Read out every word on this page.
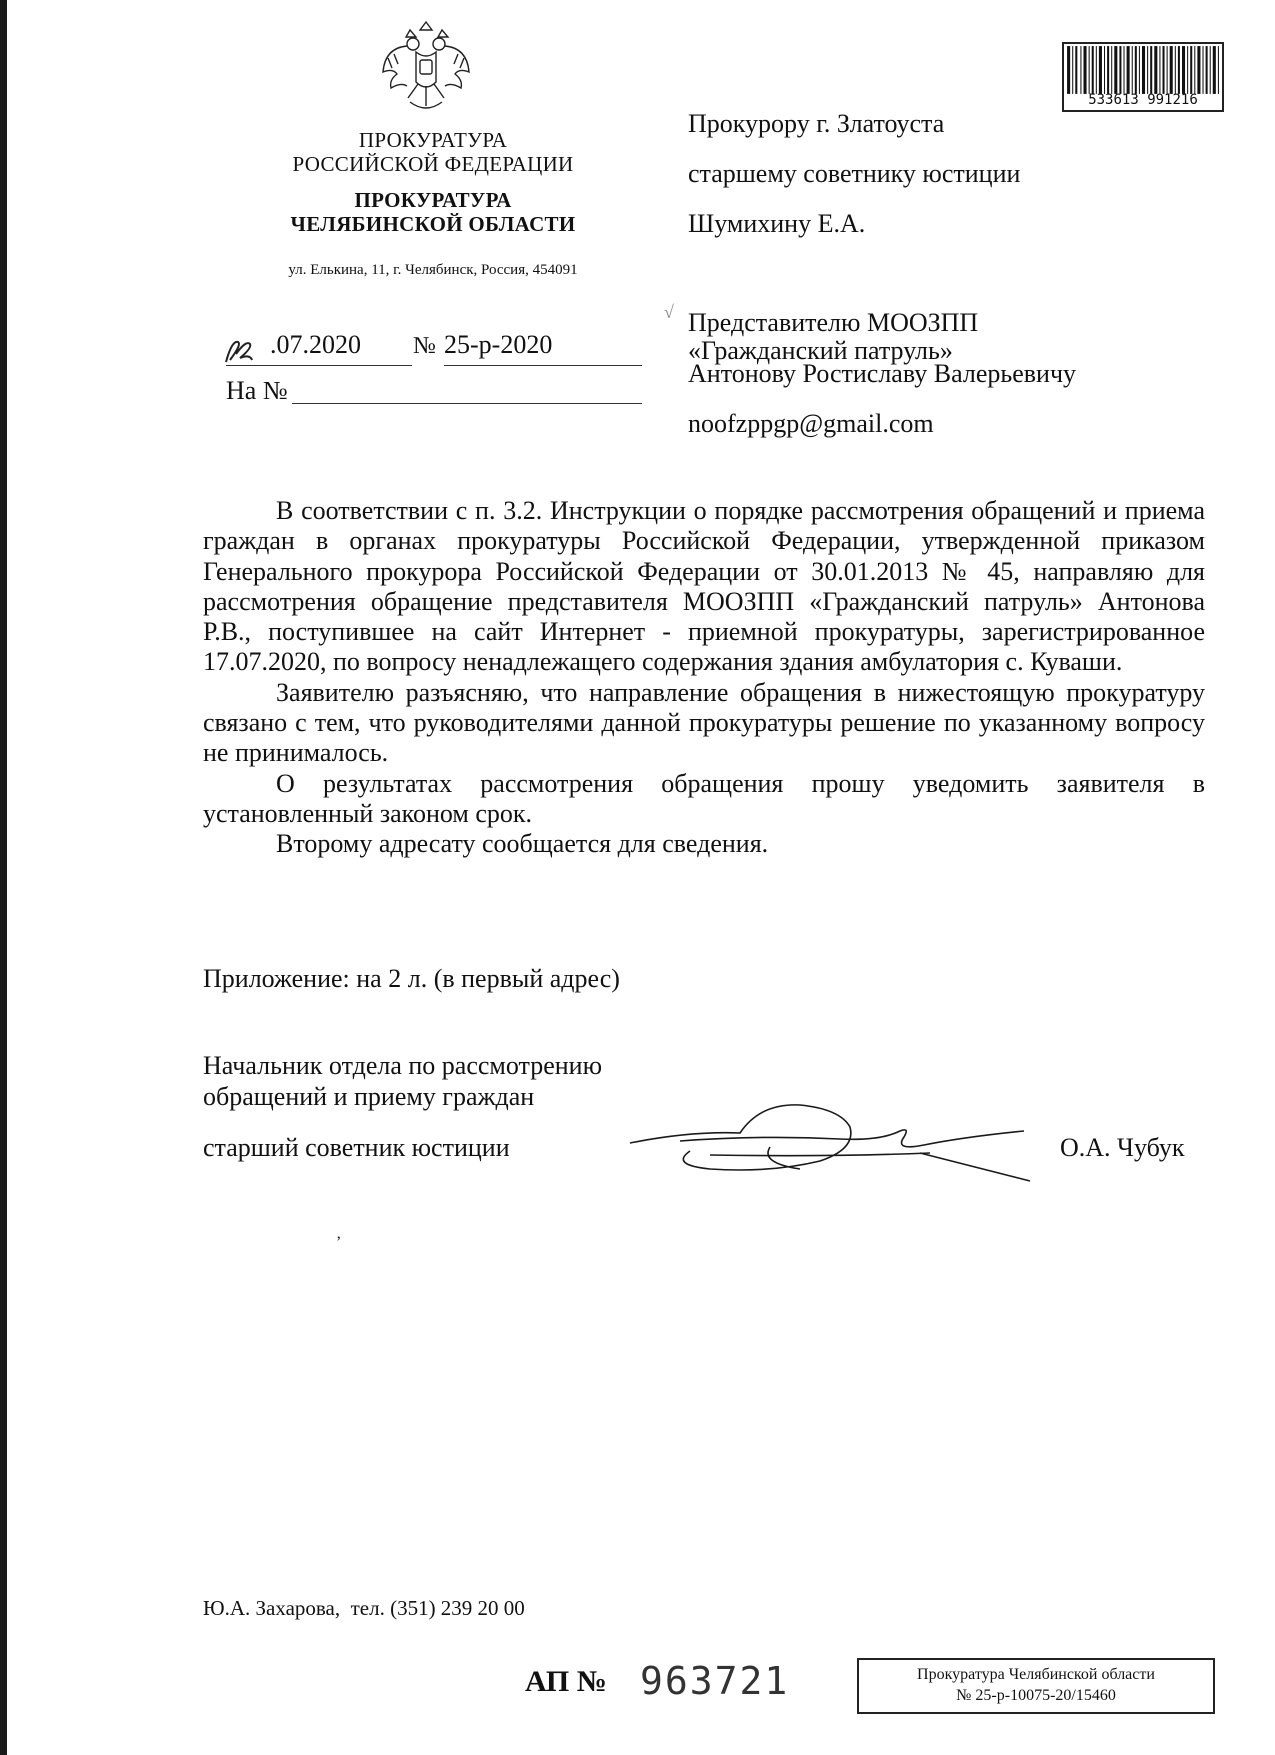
ПРОКУРАТУРА
РОССИЙСКОЙ ФЕДЕРАЦИИ
ПРОКУРАТУРА
ЧЕЛЯБИНСКОЙ ОБЛАСТИ
ул. Елькина, 11, г. Челябинск, Россия, 454091
.07.2020 № 25-р-2020
На №
533613 991216
Прокурору г. Златоуста
старшему советнику юстиции
Шумихину Е.А.
√ Представителю МООЗПП
«Гражданский патруль»
Антонову Ростиславу Валерьевичу
noofzppgp@gmail.com

В соответствии с п. 3.2. Инструкции о порядке рассмотрения обращений и приема граждан в органах прокуратуры Российской Федерации, утвержденной приказом Генерального прокурора Российской Федерации от 30.01.2013 № 45, направляю для рассмотрения обращение представителя МООЗПП «Гражданский патруль» Антонова Р.В., поступившее на сайт Интернет - приемной прокуратуры, зарегистрированное 17.07.2020, по вопросу ненадлежащего содержания здания амбулатория с. Куваши.

Заявителю разъясняю, что направление обращения в нижестоящую прокуратуру связано с тем, что руководителями данной прокуратуры решение по указанному вопросу не принималось.

О результатах рассмотрения обращения прошу уведомить заявителя в установленный законом срок.

Второму адресату сообщается для сведения.

Приложение: на 2 л. (в первый адрес)
Начальник отдела по рассмотрению
обращений и приему граждан
старший советник юстиции	О.А. Чубук
’
Ю.А. Захарова,  тел. (351) 239 20 00
АП № 963721	Прокуратура Челябинской области
№ 25-р-10075-20/15460
